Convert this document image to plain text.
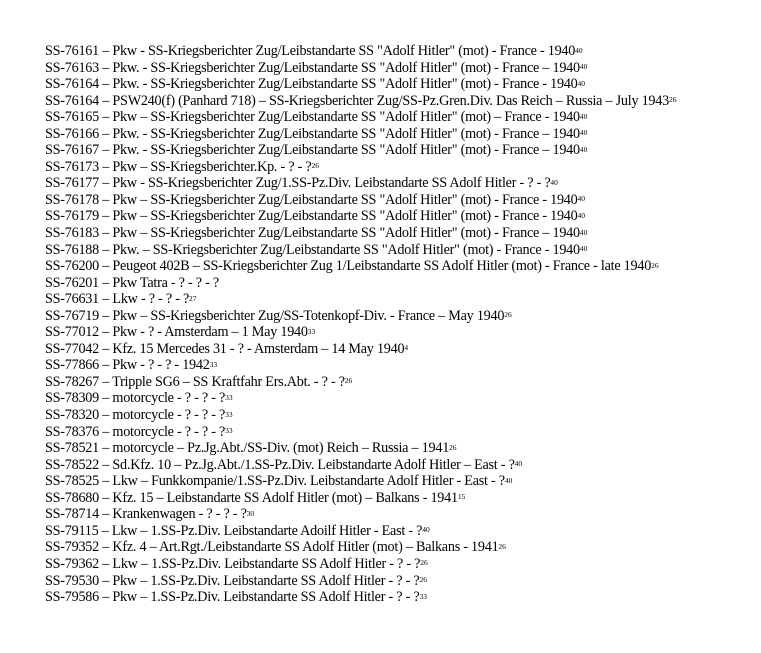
SS-76161 – Pkw - SS-Kriegsberichter Zug/Leibstandarte SS "Adolf Hitler" (mot) - France - 1940$^{40}$
SS-76163 – Pkw. - SS-Kriegsberichter Zug/Leibstandarte SS "Adolf Hitler" (mot) - France – 1940$^{40}$
SS-76164 – Pkw. - SS-Kriegsberichter Zug/Leibstandarte SS "Adolf Hitler" (mot) - France - 1940$^{40}$
SS-76164 – PSW240(f) (Panhard 718) – SS-Kriegsberichter Zug/SS-Pz.Gren.Div. Das Reich – Russia – July 1943$^{26}$
SS-76165 – Pkw – SS-Kriegsberichter Zug/Leibstandarte SS "Adolf Hitler" (mot) – France - 1940$^{40}$
SS-76166 – Pkw. - SS-Kriegsberichter Zug/Leibstandarte SS "Adolf Hitler" (mot) - France – 1940$^{40}$
SS-76167 – Pkw. - SS-Kriegsberichter Zug/Leibstandarte SS "Adolf Hitler" (mot) - France – 1940$^{40}$
SS-76173 – Pkw – SS-Kriegsberichter.Kp. - ? - ?$^{26}$
SS-76177 – Pkw - SS-Kriegsberichter Zug/1.SS-Pz.Div. Leibstandarte SS Adolf Hitler - ? - ?$^{40}$
SS-76178 – Pkw – SS-Kriegsberichter Zug/Leibstandarte SS "Adolf Hitler" (mot) - France - 1940$^{40}$
SS-76179 – Pkw – SS-Kriegsberichter Zug/Leibstandarte SS "Adolf Hitler" (mot) - France - 1940$^{40}$
SS-76183 – Pkw – SS-Kriegsberichter Zug/Leibstandarte SS "Adolf Hitler" (mot) - France – 1940$^{40}$
SS-76188 – Pkw. – SS-Kriegsberichter Zug/Leibstandarte SS "Adolf Hitler" (mot) - France - 1940$^{40}$
SS-76200 – Peugeot 402B – SS-Kriegsberichter Zug 1/Leibstandarte SS Adolf Hitler (mot) - France - late 1940$^{26}$
SS-76201 – Pkw Tatra - ? - ? - ?
SS-76631 – Lkw - ? - ? - ?$^{27}$
SS-76719 – Pkw – SS-Kriegsberichter Zug/SS-Totenkopf-Div. - France – May 1940$^{26}$
SS-77012 – Pkw - ? - Amsterdam – 1 May 1940$^{33}$
SS-77042 – Kfz. 15 Mercedes 31 - ? - Amsterdam – 14 May 1940$^4$
SS-77866 – Pkw - ? - ? - 1942$^{33}$
SS-78267 – Tripple SG6 – SS Kraftfahr Ers.Abt. - ? - ?$^{26}$
SS-78309 – motorcycle - ? - ? - ?$^{33}$
SS-78320 – motorcycle - ? - ? - ?$^{33}$
SS-78376 – motorcycle - ? - ? - ?$^{33}$
SS-78521 – motorcycle – Pz.Jg.Abt./SS-Div. (mot) Reich – Russia – 1941$^{26}$
SS-78522 – Sd.Kfz. 10 – Pz.Jg.Abt./1.SS-Pz.Div. Leibstandarte Adolf Hitler – East - ?$^{40}$
SS-78525 – Lkw – Funkkompanie/1.SS-Pz.Div. Leibstandarte Adolf Hitler - East - ?$^{40}$
SS-78680 – Kfz. 15 – Leibstandarte SS Adolf Hitler (mot) – Balkans - 1941$^{15}$
SS-78714 – Krankenwagen - ? - ? - ?$^{30}$
SS-79115 – Lkw – 1.SS-Pz.Div. Leibstandarte Adoilf Hitler - East - ?$^{40}$
SS-79352 – Kfz. 4 – Art.Rgt./Leibstandarte SS Adolf Hitler (mot) – Balkans - 1941$^{26}$
SS-79362 – Lkw – 1.SS-Pz.Div. Leibstandarte SS Adolf Hitler - ? - ?$^{26}$
SS-79530 – Pkw – 1.SS-Pz.Div. Leibstandarte SS Adolf Hitler - ? - ?$^{26}$
SS-79586 – Pkw – 1.SS-Pz.Div. Leibstandarte SS Adolf Hitler - ? - ?$^{33}$
